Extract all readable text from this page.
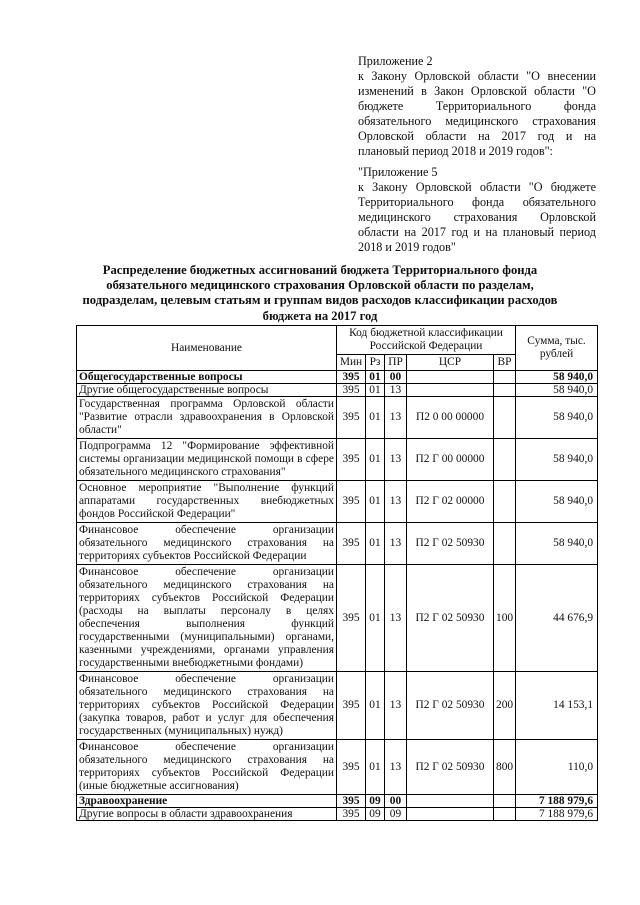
Приложение 2

к Закону Орловской области "О внесении изменений в Закон Орловской области "О бюджете Территориального фонда обязательного медицинского страхования Орловской области на 2017 год и на плановый период 2018 и 2019 годов":

"Приложение 5

к Закону Орловской области "О бюджете Территориального фонда обязательного медицинского страхования Орловской области на 2017 год и на плановый период 2018 и 2019 годов"

Распределение бюджетных ассигнований бюджета Территориального фонда обязательного медицинского страхования Орловской области по разделам, подразделам, целевым статьям и группам видов расходов классификации расходов бюджета на 2017 год
Наименование	Код бюджетной классификации Российской Федерации					Сумма, тыс. рублей
	Мин	Рз	ПР	ЦСР	ВР	
Общегосударственные вопросы	395	01	00			58 940,0
Другие общегосударственные вопросы	395	01	13			58 940,0
Государственная программа Орловской области "Развитие отрасли здравоохранения в Орловской области"	395	01	13	П2 0 00 00000		58 940,0
Подпрограмма 12 "Формирование эффективной системы организации медицинской помощи в сфере обязательного медицинского страхования"	395	01	13	П2 Г 00 00000		58 940,0
Основное мероприятие "Выполнение функций аппаратами государственных внебюджетных фондов Российской Федерации"	395	01	13	П2 Г 02 00000		58 940,0
Финансовое обеспечение организации обязательного медицинского страхования на территориях субъектов Российской Федерации	395	01	13	П2 Г 02 50930		58 940,0
Финансовое обеспечение организации обязательного медицинского страхования на территориях субъектов Российской Федерации (расходы на выплаты персоналу в целях обеспечения выполнения функций государственными (муниципальными) органами, казенными учреждениями, органами управления государственными внебюджетными фондами)	395	01	13	П2 Г 02 50930	100	44 676,9
Финансовое обеспечение организации обязательного медицинского страхования на территориях субъектов Российской Федерации (закупка товаров, работ и услуг для обеспечения государственных (муниципальных) нужд)	395	01	13	П2 Г 02 50930	200	14 153,1
Финансовое обеспечение организации обязательного медицинского страхования на территориях субъектов Российской Федерации (иные бюджетные ассигнования)	395	01	13	П2 Г 02 50930	800	110,0
Здравоохранение	395	09	00			7 188 979,6
Другие вопросы в области здравоохранения	395	09	09			7 188 979,6
